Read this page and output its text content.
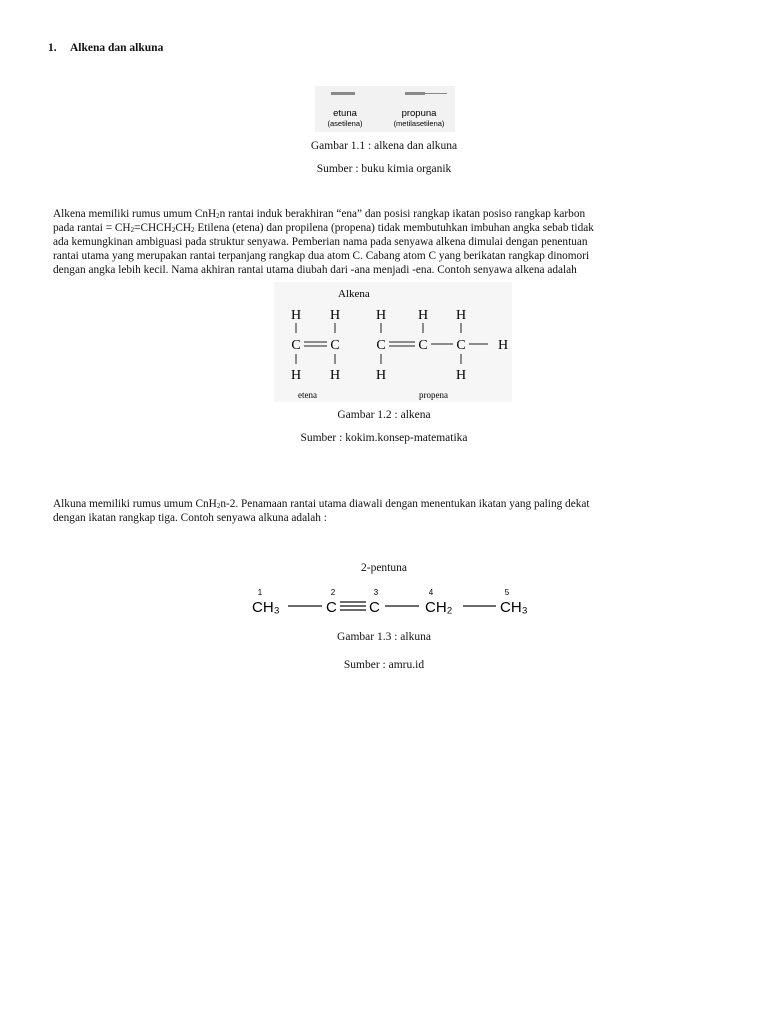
1. Alkena dan alkuna
etuna
(asetilena)
propuna
(metilasetilena)
Gambar 1.1 : alkena dan alkuna
Sumber : buku kimia organik

Alkena memiliki rumus umum CnH$_2$n rantai induk berakhiran “ena” dan posisi rangkap ikatan posiso rangkap karbon

pada rantai = $CH_2=CHCH_2CH_2$ Etilena (etena) dan propilena (propena) tidak membutuhkan imbuhan angka sebab tidak

ada kemungkinan ambiguasi pada struktur senyawa. Pemberian nama pada senyawa alkena dimulai dengan penentuan

rantai utama yang merupakan rantai terpanjang rangkap dua atom C. Cabang atom C yang berikatan rangkap dinomori

dengan angka lebih kecil. Nama akhiran rantai utama diubah dari -ana menjadi -ena. Contoh senyawa alkena adalah

Alkena
H H
C C
H H
etena
H H H
C C C H
H	H
propena
Gambar 1.2 : alkena
Sumber : kokim.konsep-matematika

Alkuna memiliki rumus umum CnH$_2$n-2. Penamaan rantai utama diawali dengan menentukan ikatan yang paling dekat

dengan ikatan rangkap tiga. Contoh senyawa alkuna adalah :

2-pentuna
1	2	3	4	5
CH₃	C C	CH₂	CH₃
Gambar 1.3 : alkuna
Sumber : amru.id
